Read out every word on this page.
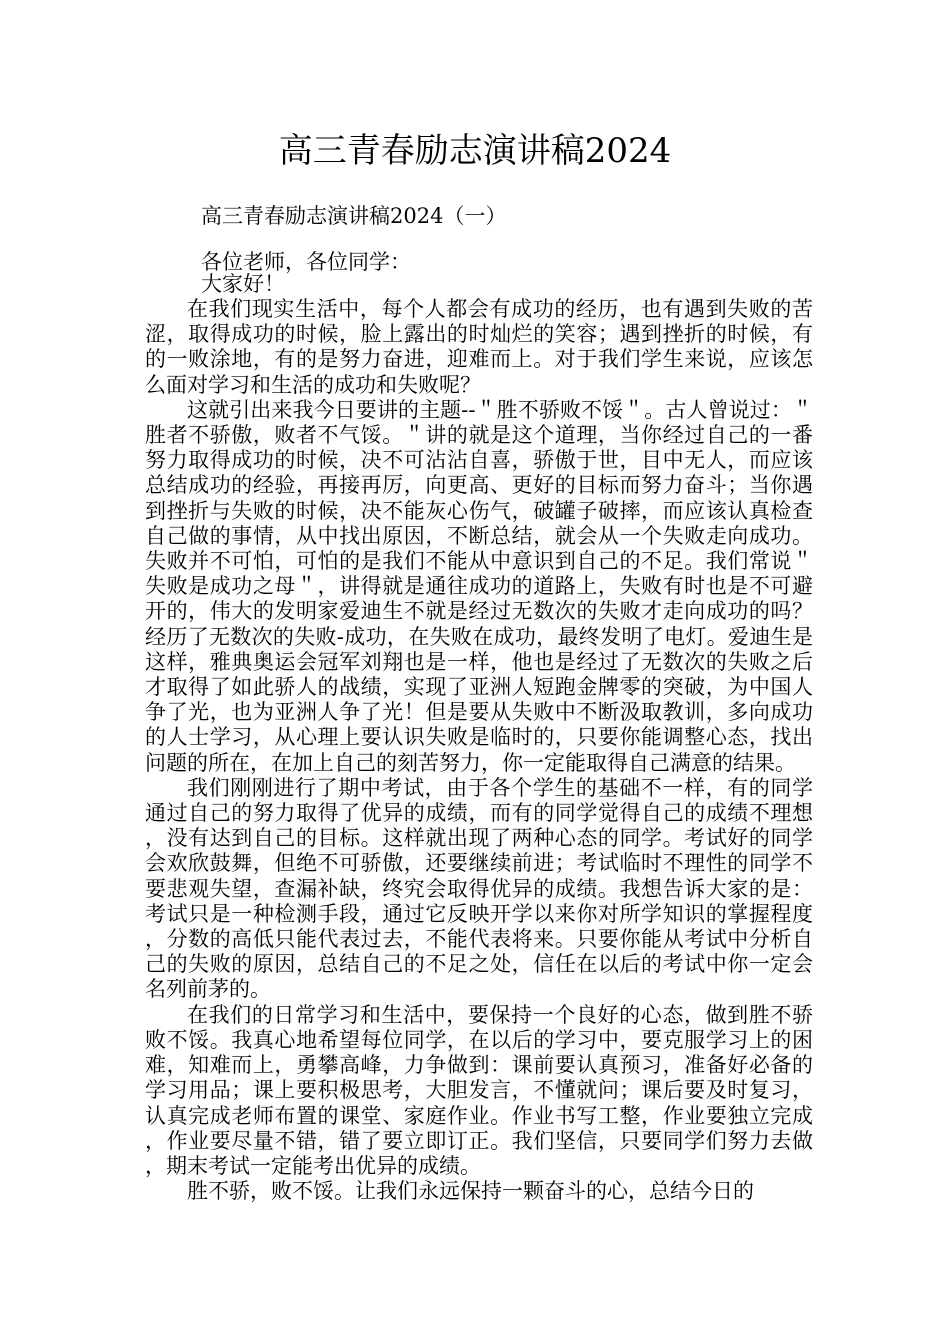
高三青春励志演讲稿2024
高三青春励志演讲稿2024（一）
各位老师，各位同学：
大家好！

在我们现实生活中，每个人都会有成功的经历，也有遇到失败的苦涩，取得成功的时候，脸上露出的时灿烂的笑容；遇到挫折的时候，有的一败涂地，有的是努力奋进，迎难而上。对于我们学生来说，应该怎么面对学习和生活的成功和失败呢？

这就引出来我今日要讲的主题--＂胜不骄败不馁＂。古人曾说过：＂胜者不骄傲，败者不气馁。＂讲的就是这个道理，当你经过自己的一番努力取得成功的时候，决不可沾沾自喜，骄傲于世，目中无人，而应该总结成功的经验，再接再厉，向更高、更好的目标而努力奋斗；当你遇到挫折与失败的时候，决不能灰心伤气，破罐子破摔，而应该认真检查自己做的事情，从中找出原因，不断总结，就会从一个失败走向成功。失败并不可怕，可怕的是我们不能从中意识到自己的不足。我们常说＂失败是成功之母＂，讲得就是通往成功的道路上，失败有时也是不可避开的，伟大的发明家爱迪生不就是经过无数次的失败才走向成功的吗？经历了无数次的失败-成功，在失败在成功，最终发明了电灯。爱迪生是这样，雅典奥运会冠军刘翔也是一样，他也是经过了无数次的失败之后才取得了如此骄人的战绩，实现了亚洲人短跑金牌零的突破，为中国人争了光，也为亚洲人争了光！但是要从失败中不断汲取教训，多向成功的人士学习，从心理上要认识失败是临时的，只要你能调整心态，找出问题的所在，在加上自己的刻苦努力，你一定能取得自己满意的结果。

我们刚刚进行了期中考试，由于各个学生的基础不一样，有的同学通过自己的努力取得了优异的成绩，而有的同学觉得自己的成绩不理想，没有达到自己的目标。这样就出现了两种心态的同学。考试好的同学会欢欣鼓舞，但绝不可骄傲，还要继续前进；考试临时不理性的同学不要悲观失望，查漏补缺，终究会取得优异的成绩。我想告诉大家的是：考试只是一种检测手段，通过它反映开学以来你对所学知识的掌握程度，分数的高低只能代表过去，不能代表将来。只要你能从考试中分析自己的失败的原因，总结自己的不足之处，信任在以后的考试中你一定会名列前茅的。

在我们的日常学习和生活中，要保持一个良好的心态，做到胜不骄败不馁。我真心地希望每位同学，在以后的学习中，要克服学习上的困难，知难而上，勇攀高峰，力争做到：课前要认真预习，准备好必备的学习用品；课上要积极思考，大胆发言，不懂就问；课后要及时复习，认真完成老师布置的课堂、家庭作业。作业书写工整，作业要独立完成，作业要尽量不错，错了要立即订正。我们坚信，只要同学们努力去做，期末考试一定能考出优异的成绩。

胜不骄，败不馁。让我们永远保持一颗奋斗的心，总结今日的
